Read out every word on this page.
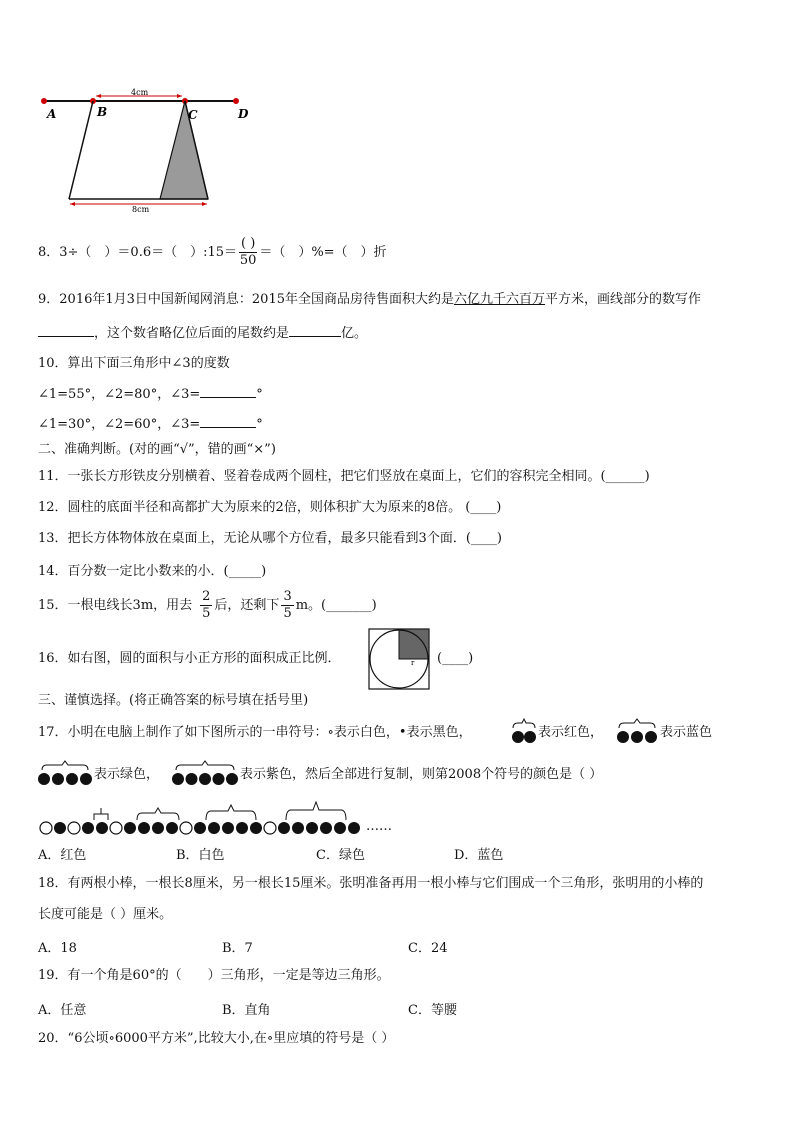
A	B	C	D
4cm
8cm
8．3÷（　）＝0.6＝（　）:15＝ $\frac{( )}{50}$ ＝（　）%=（　）折
9．2016年1月3日中国新闻网消息：2015年全国商品房待售面积大约是六亿九千六百万平方米，画线部分的数写作
，这个数省略亿位后面的尾数约是	亿。
10．算出下面三角形中∠3的度数
∠1=55°，∠2=80°，∠3=	°
∠1=30°，∠2=60°，∠3=	°
二、准确判断。(对的画“√”，错的画“×”)
11．一张长方形铁皮分别横着、竖着卷成两个圆柱，把它们竖放在桌面上，它们的容积完全相同。(______)
12．圆柱的底面半径和高都扩大为原来的2倍，则体积扩大为原来的8倍。 (____)
13．把长方体物体放在桌面上，无论从哪个方位看，最多只能看到3个面．(____)
14．百分数一定比小数来的小．(_____)
15．一根电线长3m，用去 $\frac{2}{5}$ 后，还剩下 $\frac{3}{5}$ m。(_______)
16．如右图，圆的面积与小正方形的面积成正比例．
r
r (____)
三、谨慎选择。(将正确答案的标号填在括号里)
17．小明在电脑上制作了如下图所示的一串符号：∘表示白色，•表示黑色，	表示红色，	表示蓝色
表示绿色，	表示紫色，然后全部进行复制，则第2008个符号的颜色是（ ）
……
A．红色	B．白色	C．绿色	D．蓝色
18．有两根小棒，一根长8厘米，另一根长15厘米。张明准备再用一根小棒与它们围成一个三角形，张明用的小棒的
长度可能是（ ）厘米。
A．18	B．7	C．24
19．有一个角是60°的（　　）三角形，一定是等边三角形。
A．任意	B．直角	C．等腰
20．“6公顷∘6000平方米”,比较大小,在∘里应填的符号是（ ）
